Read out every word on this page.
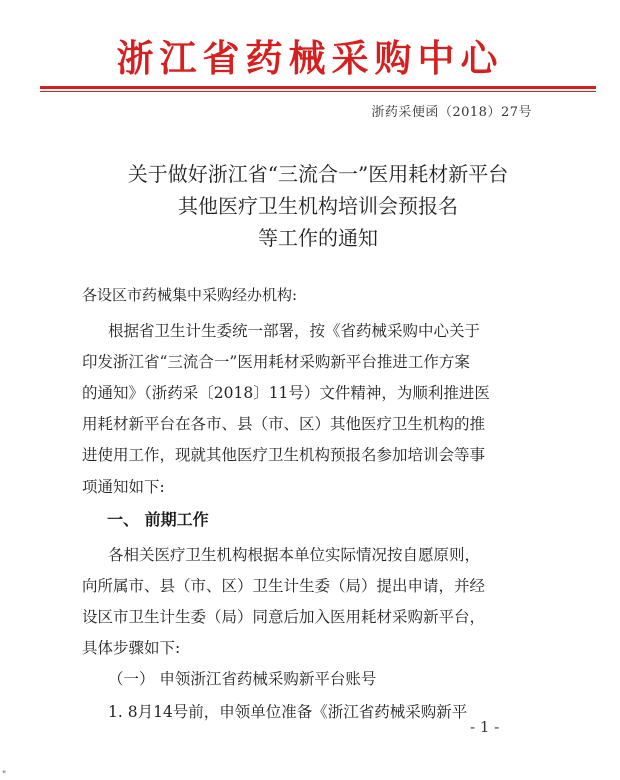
浙江省药械采购中心
浙药采便函（2018）27号
关于做好浙江省“三流合一”医用耗材新平台
其他医疗卫生机构培训会预报名
等工作的通知
各设区市药械集中采购经办机构:
根据省卫生计生委统一部署，按《省药械采购中心关于
印发浙江省“三流合一”医用耗材采购新平台推进工作方案
的通知》（浙药采〔2018〕11号）文件精神，为顺利推进医
用耗材新平台在各市、县（市、区）其他医疗卫生机构的推
进使用工作，现就其他医疗卫生机构预报名参加培训会等事
项通知如下:
一、 前期工作
各相关医疗卫生机构根据本单位实际情况按自愿原则，
向所属市、县（市、区）卫生计生委（局）提出申请，并经
设区市卫生计生委（局）同意后加入医用耗材采购新平台，
具体步骤如下:
（一） 申领浙江省药械采购新平台账号
1. 8月14号前，申领单位准备《浙江省药械采购新平
- 1 -
"
